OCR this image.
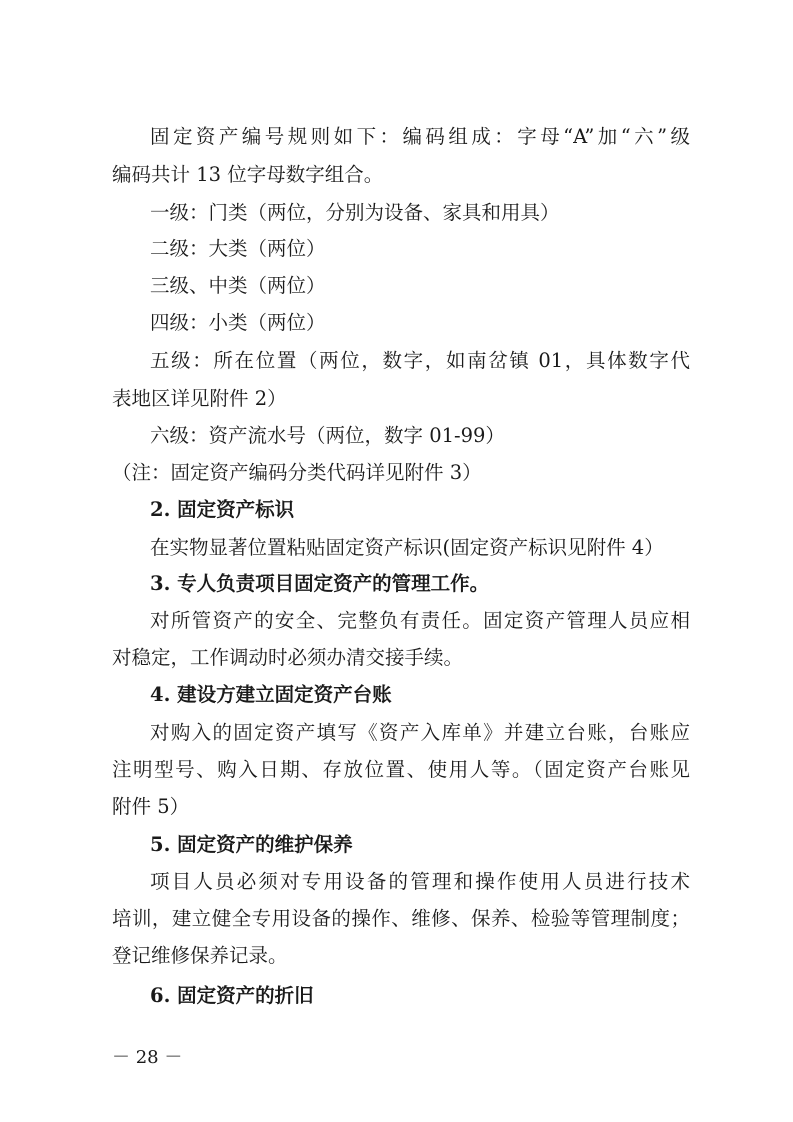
固定资产编号规则如下：编码组成：字母“A”加“六”级
编码共计 13 位字母数字组合。
一级：门类（两位，分别为设备、家具和用具）
二级：大类（两位）
三级、中类（两位）
四级：小类（两位）
五级：所在位置（两位，数字，如南岔镇 01，具体数字代
表地区详见附件 2）
六级：资产流水号（两位，数字 01-99）
（注：固定资产编码分类代码详见附件 3）
2. 固定资产标识
在实物显著位置粘贴固定资产标识(固定资产标识见附件 4）
3. 专人负责项目固定资产的管理工作。
对所管资产的安全、完整负有责任。固定资产管理人员应相
对稳定，工作调动时必须办清交接手续。
4. 建设方建立固定资产台账
对购入的固定资产填写《资产入库单》并建立台账，台账应
注明型号、购入日期、存放位置、使用人等。（固定资产台账见
附件 5）
5. 固定资产的维护保养
项目人员必须对专用设备的管理和操作使用人员进行技术
培训，建立健全专用设备的操作、维修、保养、检验等管理制度；
登记维修保养记录。
6. 固定资产的折旧
－ 28 －
